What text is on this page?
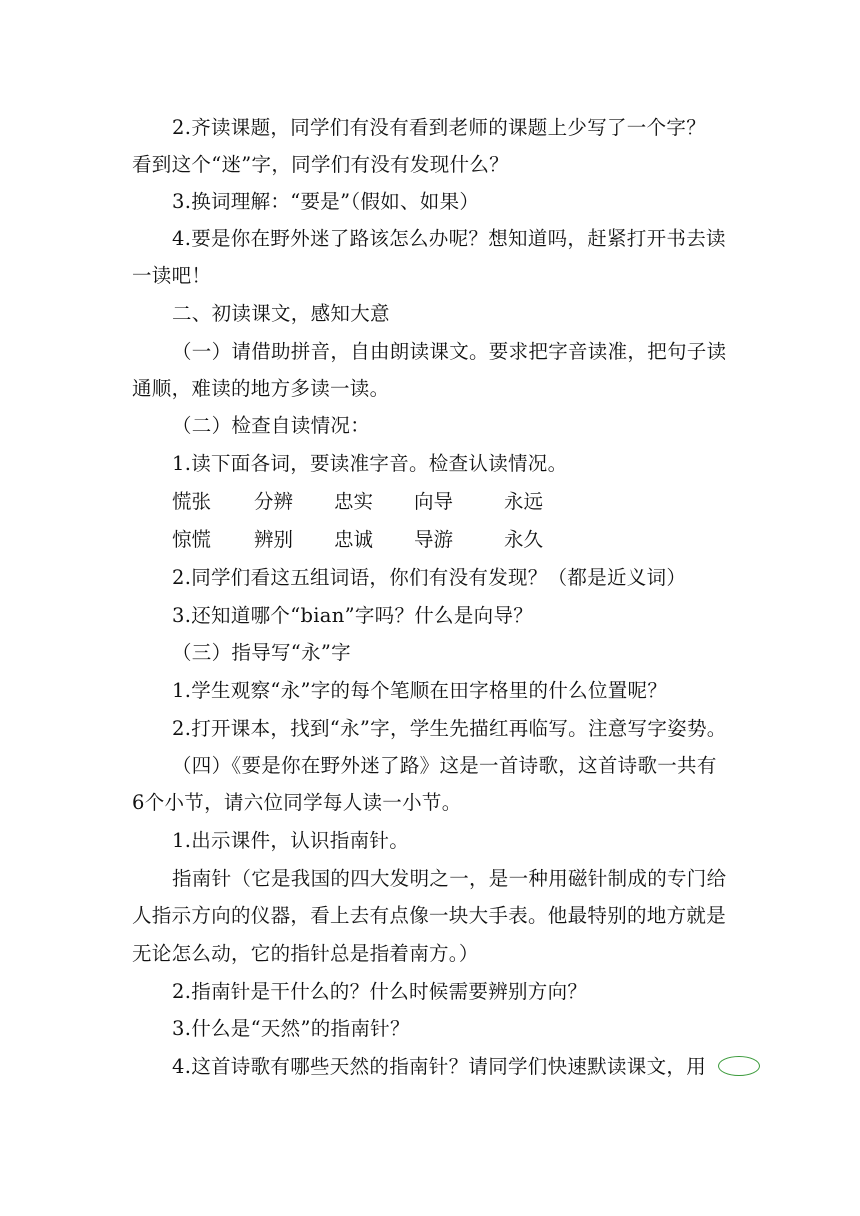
2.齐读课题，同学们有没有看到老师的课题上少写了一个字？
看到这个“迷”字，同学们有没有发现什么？
3.换词理解：“要是”（假如、如果）
4.要是你在野外迷了路该怎么办呢？想知道吗，赶紧打开书去读
一读吧！
二、初读课文，感知大意
（一）请借助拼音，自由朗读课文。要求把字音读准，把句子读
通顺，难读的地方多读一读。
（二）检查自读情况：
1.读下面各词，要读准字音。检查认读情况。
慌张 分辨 忠实 向导	永远
惊慌 辨别 忠诚 导游	永久
2.同学们看这五组词语，你们有没有发现？（都是近义词）
3.还知道哪个“bian”字吗？什么是向导？
（三）指导写“永”字
1.学生观察“永”字的每个笔顺在田字格里的什么位置呢？
2.打开课本，找到“永”字，学生先描红再临写。注意写字姿势。
（四）《要是你在野外迷了路》这是一首诗歌，这首诗歌一共有
6个小节，请六位同学每人读一小节。
1.出示课件，认识指南针。
指南针（它是我国的四大发明之一，是一种用磁针制成的专门给
人指示方向的仪器，看上去有点像一块大手表。他最特别的地方就是
无论怎么动，它的指针总是指着南方。）
2.指南针是干什么的？什么时候需要辨别方向？
3.什么是“天然”的指南针？
4.这首诗歌有哪些天然的指南针？请同学们快速默读课文，用
